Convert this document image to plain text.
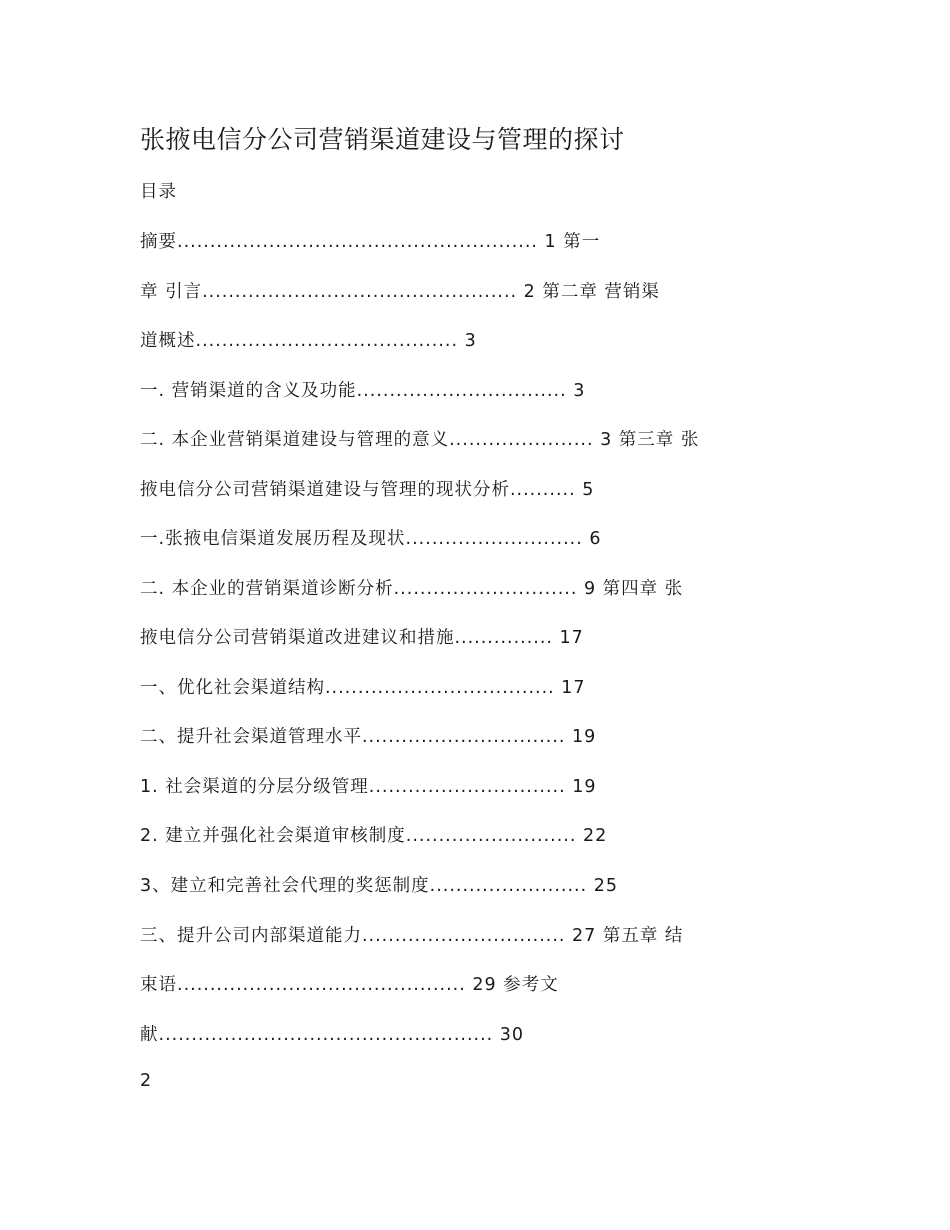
张掖电信分公司营销渠道建设与管理的探讨
目录
摘要....................................................... 1 第一
章 引言................................................ 2 第二章 营销渠
道概述........................................ 3
一. 营销渠道的含义及功能................................ 3
二. 本企业营销渠道建设与管理的意义...................... 3 第三章 张
掖电信分公司营销渠道建设与管理的现状分析.......... 5
一.张掖电信渠道发展历程及现状........................... 6
二. 本企业的营销渠道诊断分析............................ 9 第四章 张
掖电信分公司营销渠道改进建议和措施............... 17
一、优化社会渠道结构................................... 17
二、提升社会渠道管理水平............................... 19
1. 社会渠道的分层分级管理.............................. 19
2. 建立并强化社会渠道审核制度.......................... 22
3、建立和完善社会代理的奖惩制度........................ 25
三、提升公司内部渠道能力............................... 27 第五章 结
束语............................................ 29 参考文
献................................................... 30
2
